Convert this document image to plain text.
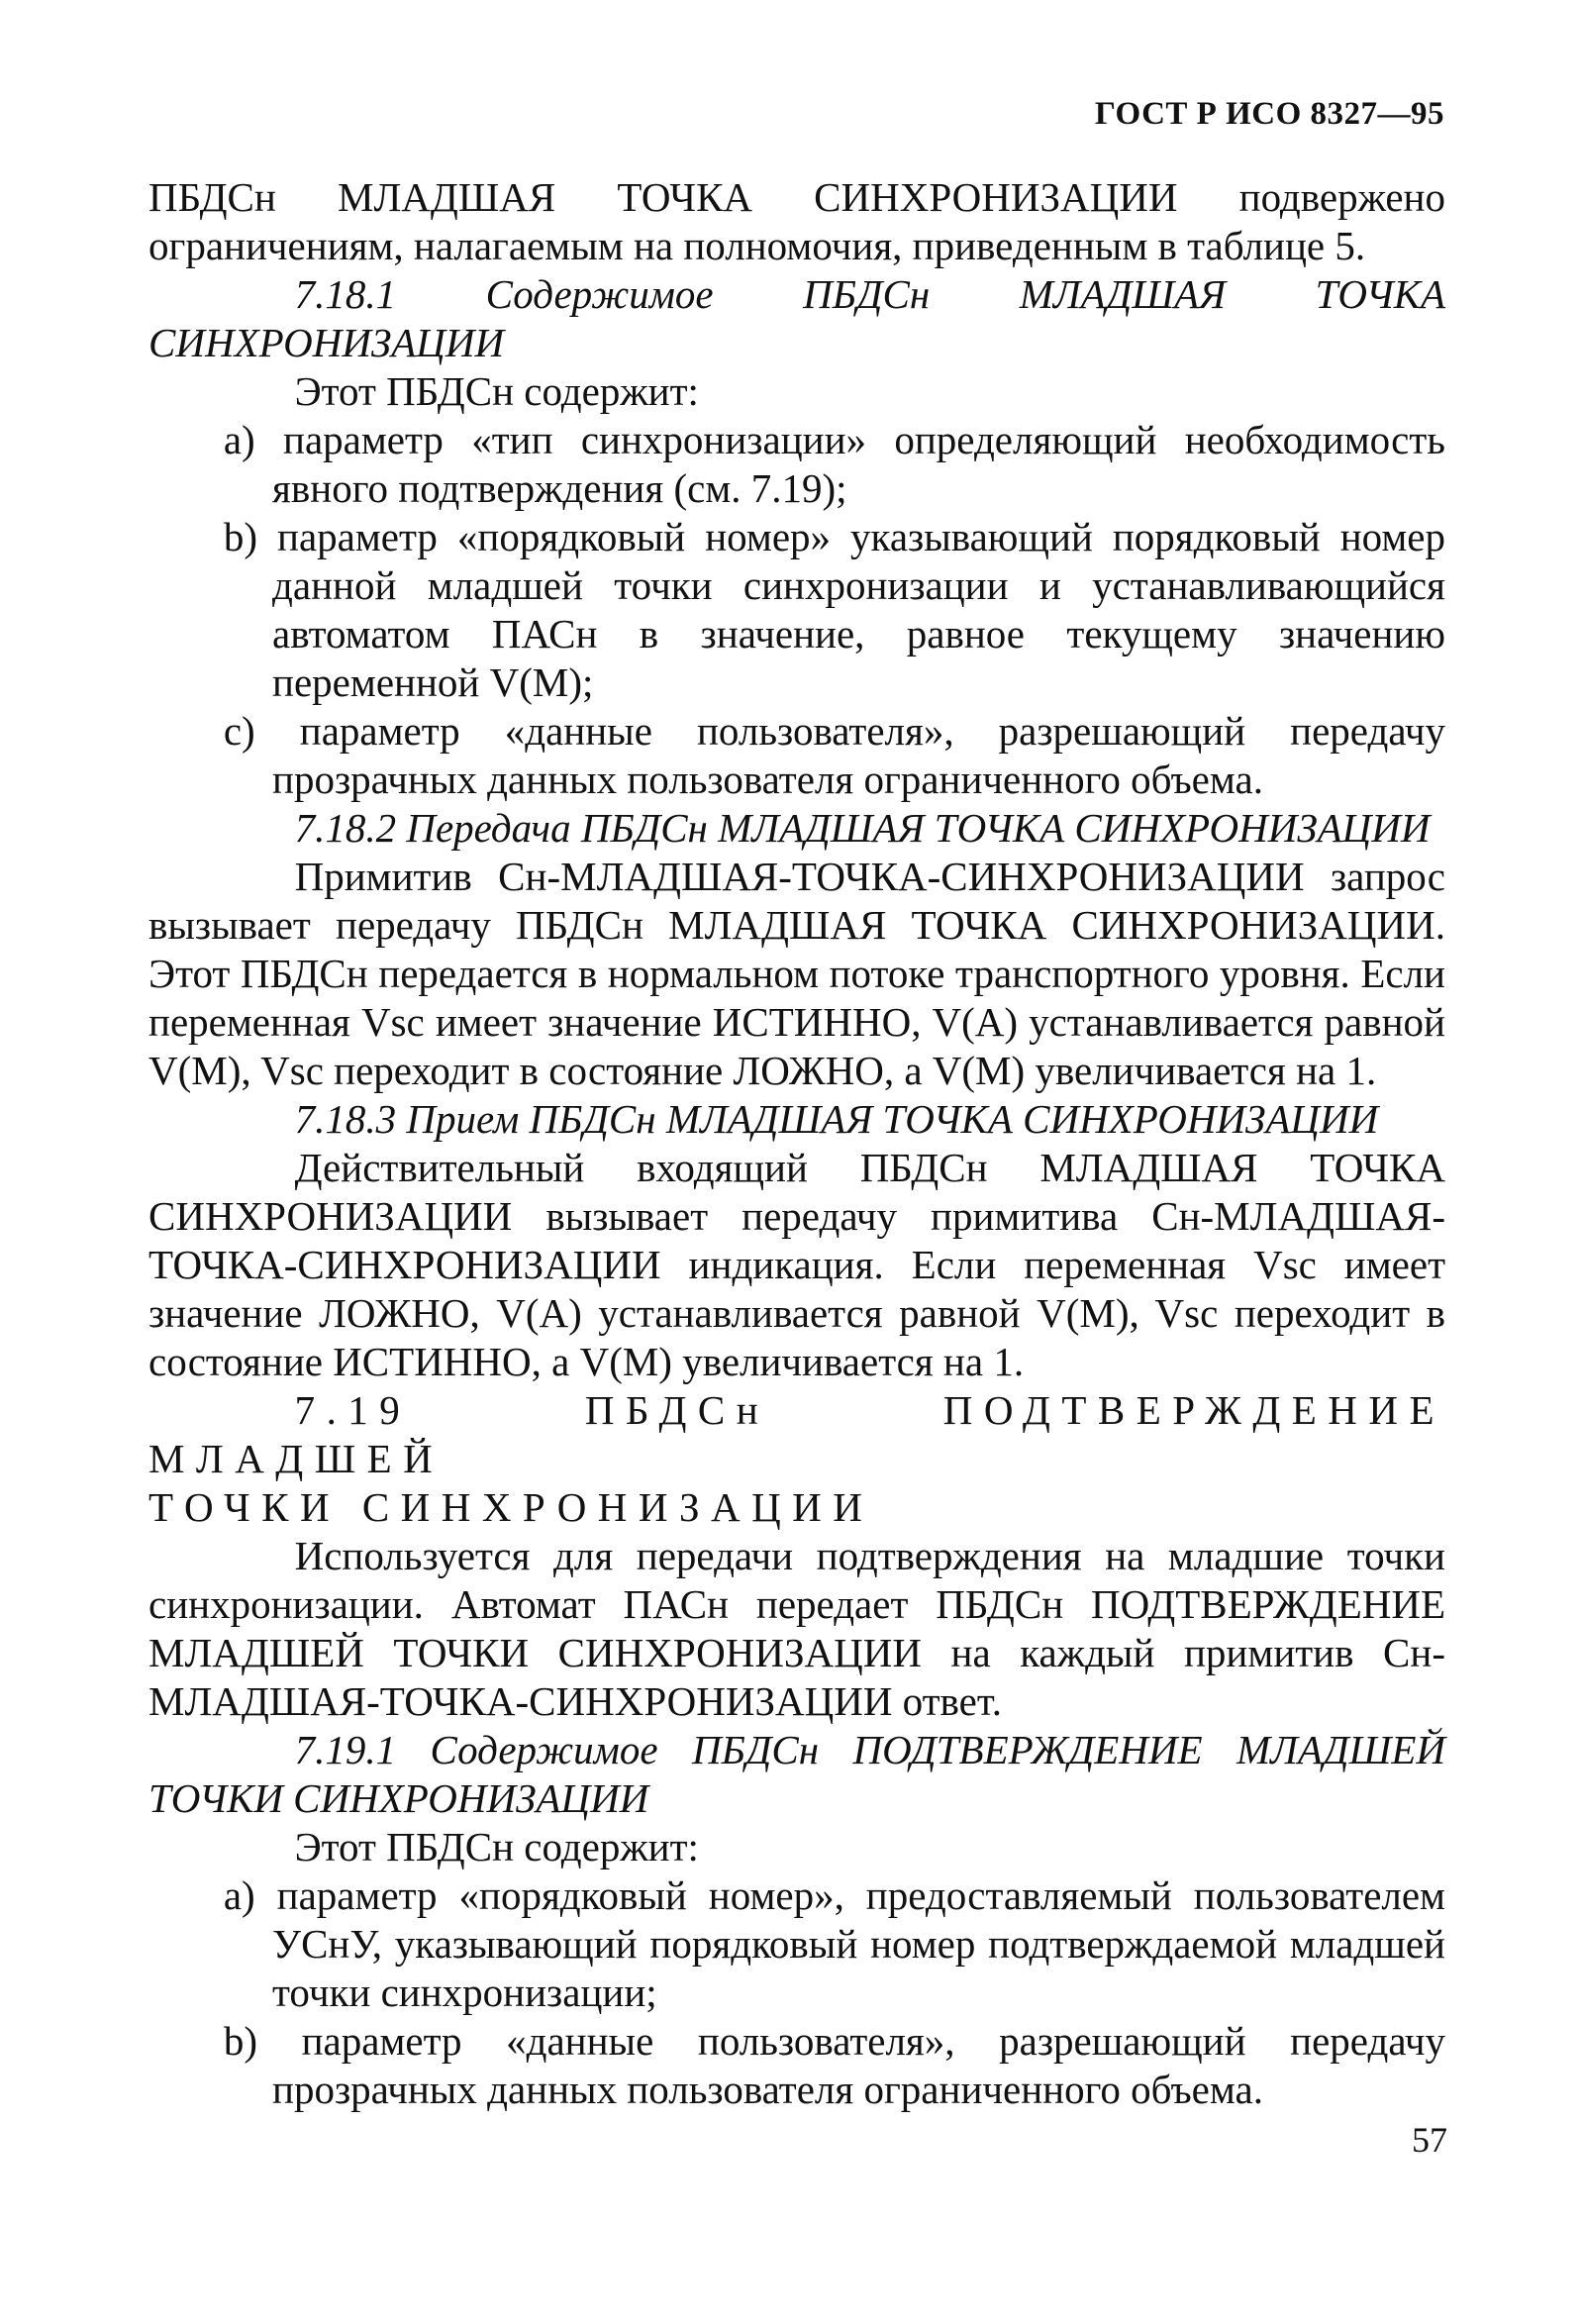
ГОСТ Р ИСО 8327—95

ПБДСн МЛАДШАЯ ТОЧКА СИНХРОНИЗАЦИИ подвержено ограничениям, налагаемым на полномочия, приведенным в таблице 5.

7.18.1 Содержимое ПБДСн МЛАДШАЯ ТОЧКА СИНХРОНИЗАЦИИ

Этот ПБДСн содержит:

a) параметр «тип синхронизации» определяющий необходимость явного подтверждения (см. 7.19);

b) параметр «порядковый номер» указывающий порядковый номер данной младшей точки синхронизации и устанавливающийся автоматом ПАСн в значение, равное текущему значению переменной V(M);

c) параметр «данные пользователя», разрешающий передачу прозрачных данных пользователя ограниченного объема.

7.18.2 Передача ПБДСн МЛАДШАЯ ТОЧКА СИНХРОНИЗАЦИИ

Примитив Сн-МЛАДШАЯ-ТОЧКА-СИНХРОНИЗАЦИИ запрос вызывает передачу ПБДСн МЛАДШАЯ ТОЧКА СИНХРОНИЗАЦИИ. Этот ПБДСн передается в нормальном потоке транспортного уровня. Если переменная Vsc имеет значение ИСТИННО, V(A) устанавливается равной V(M), Vsc переходит в состояние ЛОЖНО, а V(M) увеличивается на 1.

7.18.3 Прием ПБДСн МЛАДШАЯ ТОЧКА СИНХРОНИЗАЦИИ

Действительный входящий ПБДСн МЛАДШАЯ ТОЧКА СИНХРОНИЗАЦИИ вызывает передачу примитива Сн-МЛАДШАЯ-ТОЧКА-СИНХРОНИЗАЦИИ индикация. Если переменная Vsc имеет значение ЛОЖНО, V(A) устанавливается равной V(M), Vsc переходит в состояние ИСТИННО, а V(M) увеличивается на 1.

7.19 ПБДСн ПОДТВЕРЖДЕНИЕ МЛАДШЕЙ

ТОЧКИ СИНХРОНИЗАЦИИ

Используется для передачи подтверждения на младшие точки синхронизации. Автомат ПАСн передает ПБДСн ПОДТВЕРЖДЕНИЕ МЛАДШЕЙ ТОЧКИ СИНХРОНИЗАЦИИ на каждый примитив Сн-МЛАДШАЯ-ТОЧКА-СИНХРОНИЗАЦИИ ответ.

7.19.1 Содержимое ПБДСн ПОДТВЕРЖДЕНИЕ МЛАДШЕЙ ТОЧКИ СИНХРОНИЗАЦИИ

Этот ПБДСн содержит:

a) параметр «порядковый номер», предоставляемый пользователем УСнУ, указывающий порядковый номер подтверждаемой младшей точки синхронизации;

b) параметр «данные пользователя», разрешающий передачу прозрачных данных пользователя ограниченного объема.

57
